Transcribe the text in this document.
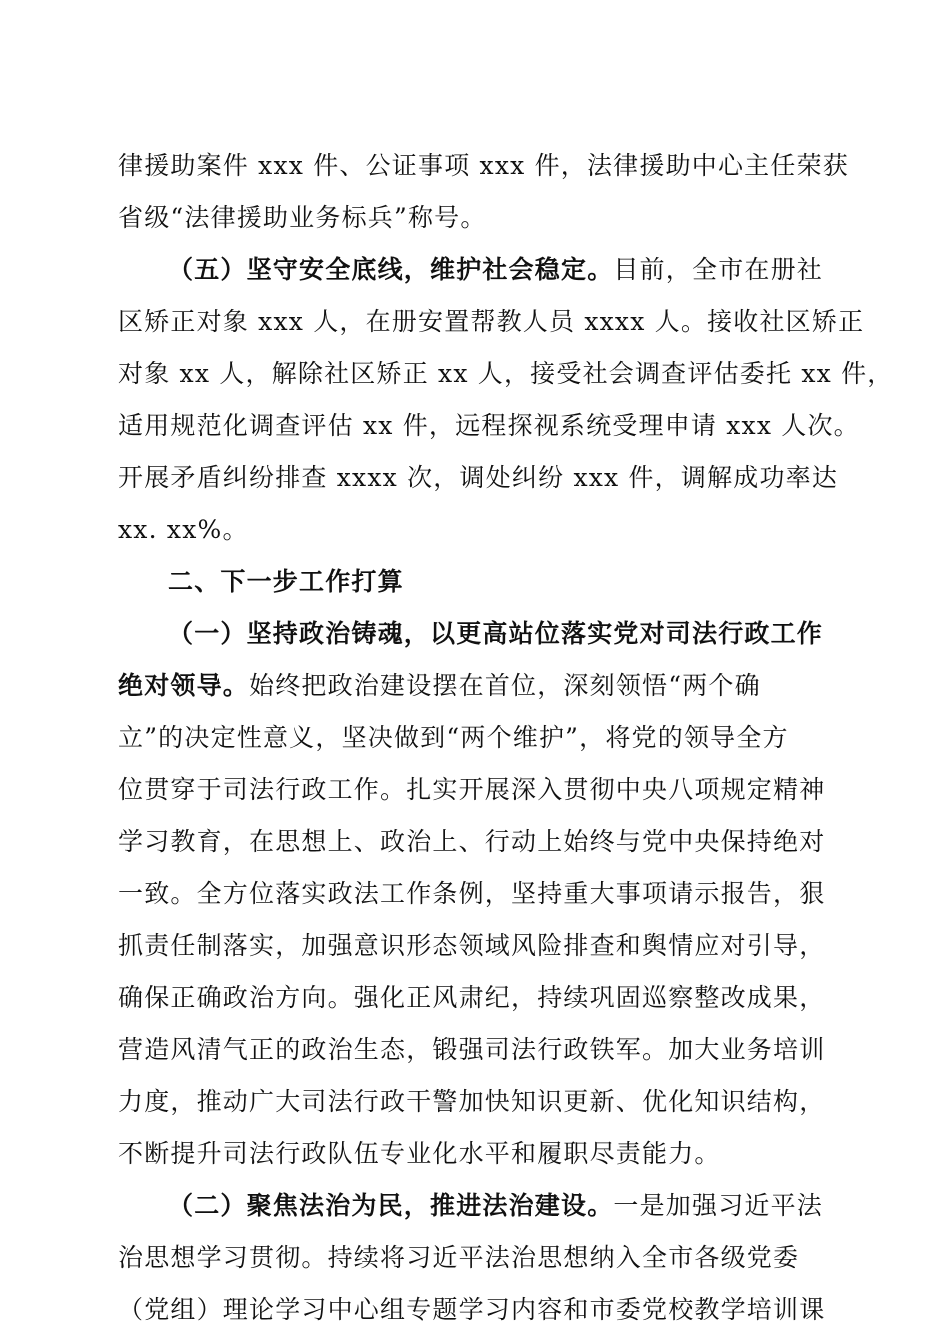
律援助案件 xxx 件、公证事项 xxx 件，法律援助中心主任荣获
省级“法律援助业务标兵”称号。
（五）坚守安全底线，维护社会稳定。目前，全市在册社
区矫正对象 xxx 人，在册安置帮教人员 xxxx 人。接收社区矫正
对象 xx 人，解除社区矫正 xx 人，接受社会调查评估委托 xx 件，
适用规范化调查评估 xx 件，远程探视系统受理申请 xxx 人次。
开展矛盾纠纷排查 xxxx 次，调处纠纷 xxx 件，调解成功率达
xx. xx%。
二、下一步工作打算
（一）坚持政治铸魂，以更高站位落实党对司法行政工作
绝对领导。始终把政治建设摆在首位，深刻领悟“两个确
立”的决定性意义，坚决做到“两个维护”，将党的领导全方
位贯穿于司法行政工作。扎实开展深入贯彻中央八项规定精神
学习教育，在思想上、政治上、行动上始终与党中央保持绝对
一致。全方位落实政法工作条例，坚持重大事项请示报告，狠
抓责任制落实，加强意识形态领域风险排查和舆情应对引导，
确保正确政治方向。强化正风肃纪，持续巩固巡察整改成果，
营造风清气正的政治生态，锻强司法行政铁军。加大业务培训
力度，推动广大司法行政干警加快知识更新、优化知识结构，
不断提升司法行政队伍专业化水平和履职尽责能力。
（二）聚焦法治为民，推进法治建设。一是加强习近平法
治思想学习贯彻。持续将习近平法治思想纳入全市各级党委
（党组）理论学习中心组专题学习内容和市委党校教学培训课
